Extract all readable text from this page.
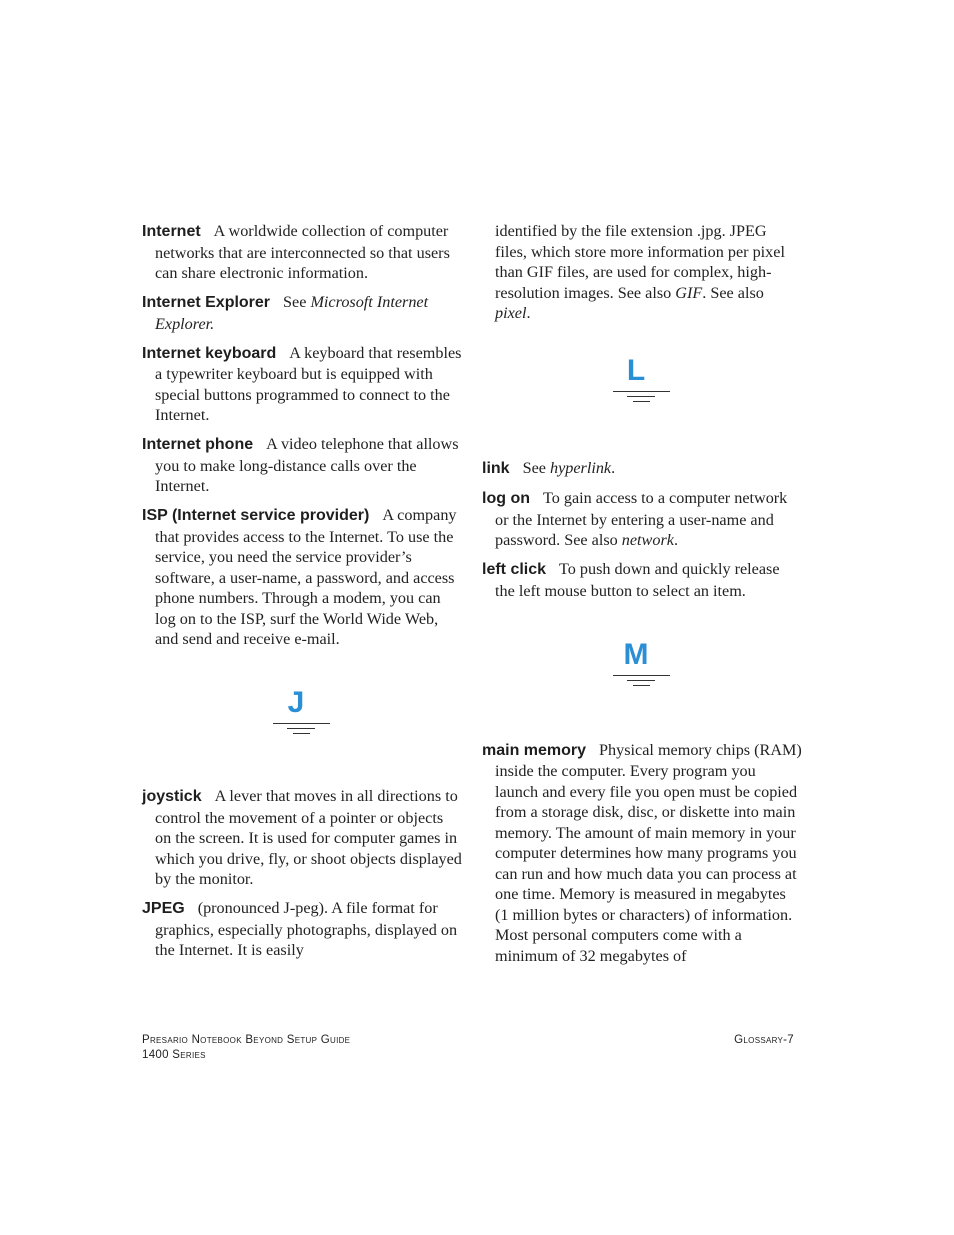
Internet A worldwide collection of computer networks that are interconnected so that users can share electronic information.
Internet Explorer See Microsoft Internet Explorer.
Internet keyboard A keyboard that resembles a typewriter keyboard but is equipped with special buttons programmed to connect to the Internet.
Internet phone A video telephone that allows you to make long-distance calls over the Internet.
ISP (Internet service provider) A company that provides access to the Internet. To use the service, you need the service provider’s software, a user-name, a password, and access phone numbers. Through a modem, you can log on to the ISP, surf the World Wide Web, and send and receive e-mail.
J
joystick A lever that moves in all directions to control the movement of a pointer or objects on the screen. It is used for computer games in which you drive, fly, or shoot objects displayed by the monitor.
JPEG (pronounced J-peg). A file format for graphics, especially photographs, displayed on the Internet. It is easily
identified by the file extension .jpg. JPEG files, which store more information per pixel than GIF files, are used for complex, high-resolution images. See also GIF. See also pixel.
L
link See hyperlink.
log on To gain access to a computer network or the Internet by entering a user-name and password. See also network.
left click To push down and quickly release the left mouse button to select an item.
M
main memory Physical memory chips (RAM) inside the computer. Every program you launch and every file you open must be copied from a storage disk, disc, or diskette into main memory. The amount of main memory in your computer determines how many programs you can run and how much data you can process at one time. Memory is measured in megabytes (1 million bytes or characters) of information. Most personal computers come with a minimum of 32 megabytes of
Presario Notebook Beyond Setup Guide
1400 Series
Glossary-7
